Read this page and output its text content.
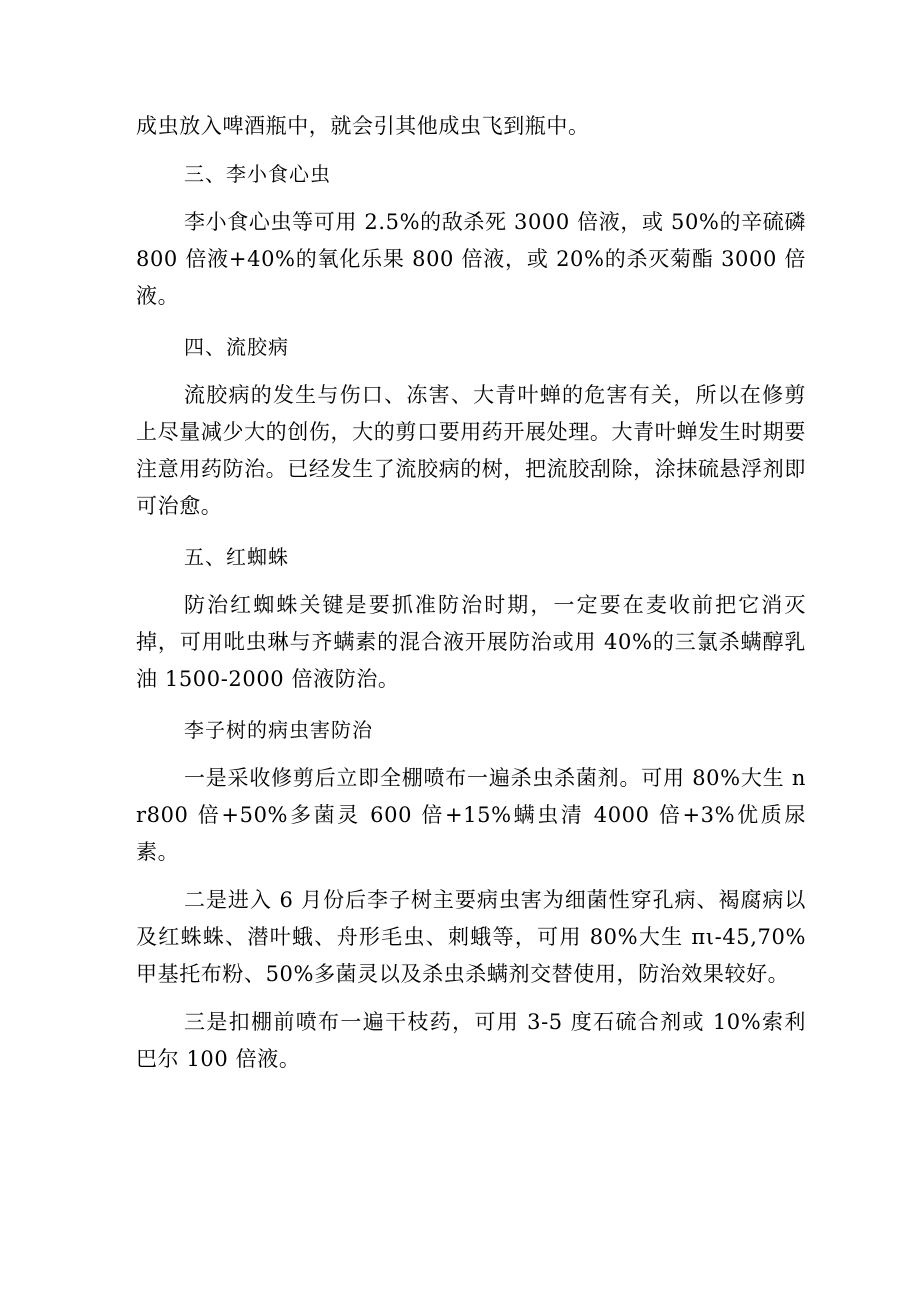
成虫放入啤酒瓶中，就会引其他成虫飞到瓶中。

三、李小食心虫

李小食心虫等可用 2.5%的敌杀死 3000 倍液，或 50%的辛硫磷 800 倍液+40%的氧化乐果 800 倍液，或 20%的杀灭菊酯 3000 倍液。

四、流胶病

流胶病的发生与伤口、冻害、大青叶蝉的危害有关，所以在修剪上尽量减少大的创伤，大的剪口要用药开展处理。大青叶蝉发生时期要注意用药防治。已经发生了流胶病的树，把流胶刮除，涂抹硫悬浮剂即可治愈。

五、红蜘蛛

防治红蜘蛛关键是要抓准防治时期，一定要在麦收前把它消灭掉，可用吡虫琳与齐螨素的混合液开展防治或用 40%的三氯杀螨醇乳油 1500-2000 倍液防治。

李子树的病虫害防治

一是采收修剪后立即全棚喷布一遍杀虫杀菌剂。可用 80%大生 nr800 倍+50%多菌灵 600 倍+15%螨虫清 4000 倍+3%优质尿素。

二是进入 6 月份后李子树主要病虫害为细菌性穿孔病、褐腐病以及红蛛蛛、潜叶蛾、舟形毛虫、刺蛾等，可用 80%大生 πι-45,70%甲基托布粉、50%多菌灵以及杀虫杀螨剂交替使用，防治效果较好。

三是扣棚前喷布一遍干枝药，可用 3-5 度石硫合剂或 10%索利巴尔 100 倍液。
